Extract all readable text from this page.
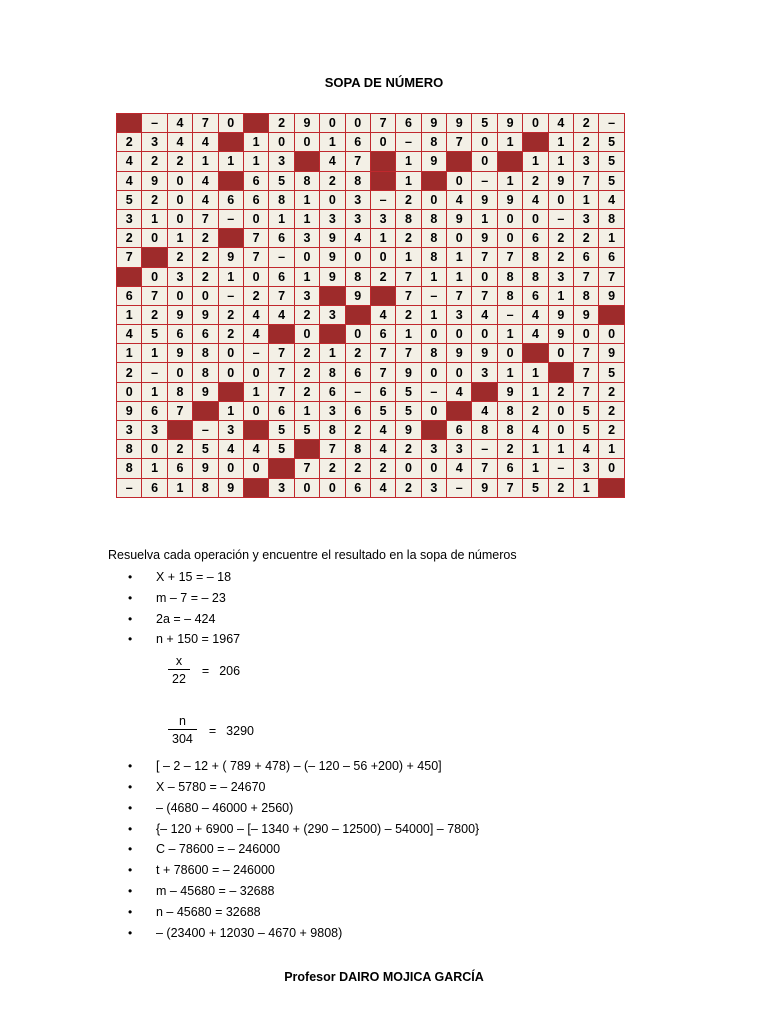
SOPA DE NÚMERO
	–	4	7	0		2	9	0	0	7	6	9	9	5	9	0	4	2	–
2	3	4	4		1	0	0	1	6	0	–	8	7	0	1		1	2	5
4	2	2	1	1	1	3		4	7		1	9		0		1	1	3	5
4	9	0	4		6	5	8	2	8		1		0	–	1	2	9	7	5
5	2	0	4	6	6	8	1	0	3	–	2	0	4	9	9	4	0	1	4
3	1	0	7	–	0	1	1	3	3	3	8	8	9	1	0	0	–	3	8
2	0	1	2		7	6	3	9	4	1	2	8	0	9	0	6	2	2	1
7		2	2	9	7	–	0	9	0	0	1	8	1	7	7	8	2	6	6
	0	3	2	1	0	6	1	9	8	2	7	1	1	0	8	8	3	7	7
6	7	0	0	–	2	7	3		9		7	–	7	7	8	6	1	8	9
1	2	9	9	2	4	4	2	3		4	2	1	3	4	–	4	9	9	
4	5	6	6	2	4		0		0	6	1	0	0	0	1	4	9	0	0
1	1	9	8	0	–	7	2	1	2	7	7	8	9	9	0		0	7	9
2	–	0	8	0	0	7	2	8	6	7	9	0	0	3	1	1		7	5
0	1	8	9		1	7	2	6	–	6	5	–	4		9	1	2	7	2
9	6	7		1	0	6	1	3	6	5	5	0		4	8	2	0	5	2
3	3		–	3		5	5	8	2	4	9		6	8	8	4	0	5	2
8	0	2	5	4	4	5		7	8	4	2	3	3	–	2	1	1	4	1
8	1	6	9	0	0		7	2	2	2	0	0	4	7	6	1	–	3	0
–	6	1	8	9		3	0	0	6	4	2	3	–	9	7	5	2	1	
Resuelva cada operación y encuentre el resultado en la sopa de números
• X + 15 = – 18
• m – 7 = – 23
• 2a = – 424
• n + 150 = 1967
$\frac{x}{22} = 206$
$\frac{n}{304} = 3290$
• [ – 2 – 12 + ( 789 + 478) – (– 120 – 56 +200) + 450]
• X – 5780 = – 24670
• – (4680 – 46000 + 2560)
• {– 120 + 6900 – [– 1340 + (290 – 12500) – 54000] – 7800}
• C – 78600 = – 246000
• t + 78600 = – 246000
• m – 45680 = – 32688
• n – 45680 = 32688
• – (23400 + 12030 – 4670 + 9808)
Profesor DAIRO MOJICA GARCÍA
